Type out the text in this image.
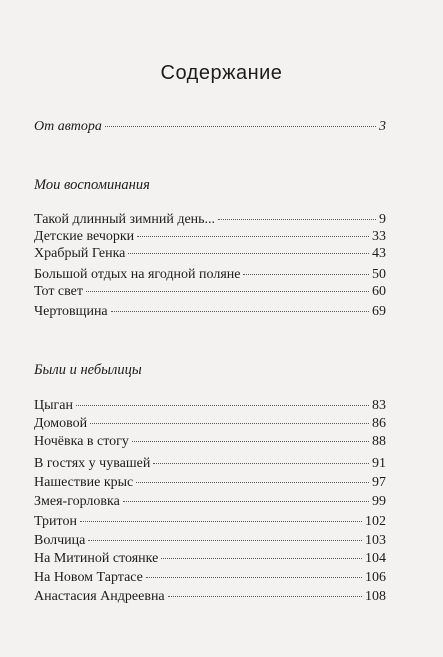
Содержание
От автора	3
Мои воспоминания
Такой длинный зимний день...	9
Детские вечорки	33
Храбрый Генка	43
Большой отдых на ягодной поляне	50
Тот свет	60
Чертовщина	69
Были и небылицы
Цыган	83
Домовой	86
Ночёвка в стогу	88
В гостях у чувашей	91
Нашествие крыс	97
Змея-горловка	99
Тритон	102
Волчица	103
На Митиной стоянке	104
На Новом Тартасе	106
Анастасия Андреевна	108
